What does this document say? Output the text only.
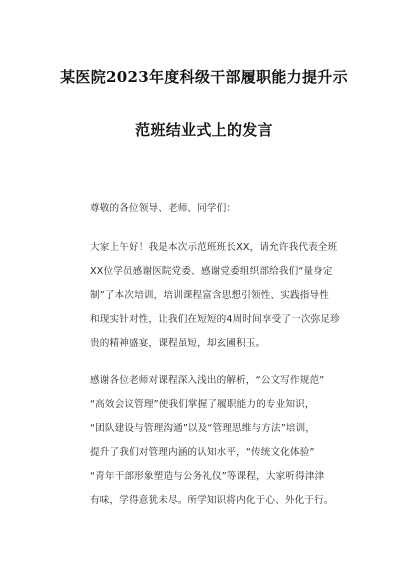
某医院2023年度科级干部履职能力提升示
范班结业式上的发言
尊敬的各位领导、老师、同学们：
大家上午好！我是本次示范班班长XX，请允许我代表全班
XX位学员感谢医院党委、感谢党委组织部给我们“量身定
制”了本次培训，培训课程富含思想引领性、实践指导性
和现实针对性，让我们在短短的4周时间享受了一次弥足珍
贵的精神盛宴，课程虽短，却玄圃积玉。
感谢各位老师对课程深入浅出的解析，“公文写作规范”
“高效会议管理”使我们掌握了履职能力的专业知识，
“团队建设与管理沟通”以及“管理思维与方法”培训，
提升了我们对管理内涵的认知水平，“传统文化体验”
“青年干部形象塑造与公务礼仪”等课程，大家听得津津
有味，学得意犹未尽。所学知识将内化于心、外化于行。
